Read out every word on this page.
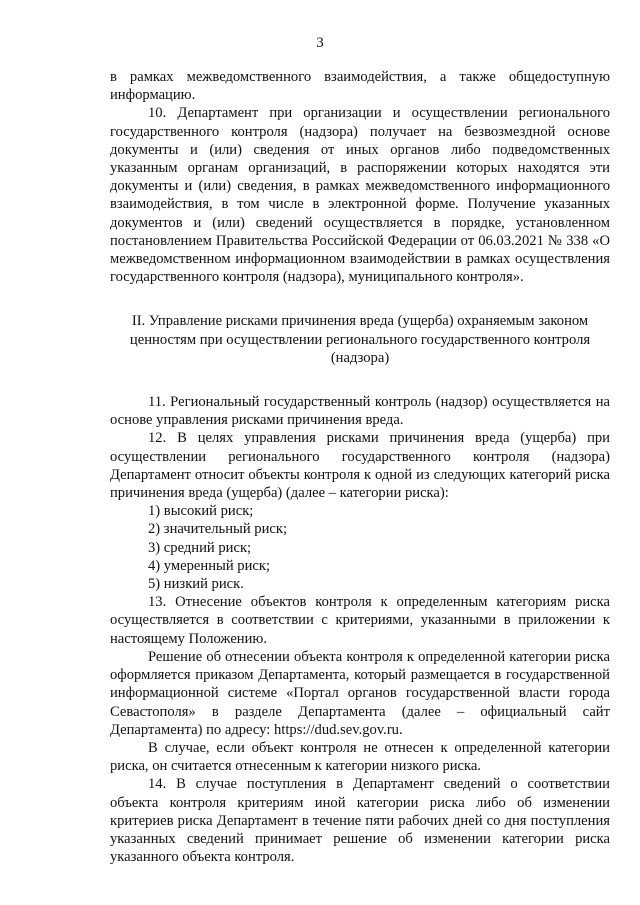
3

в рамках межведомственного взаимодействия, а также общедоступную информацию.

10. Департамент при организации и осуществлении регионального государственного контроля (надзора) получает на безвозмездной основе документы и (или) сведения от иных органов либо подведомственных указанным органам организаций, в распоряжении которых находятся эти документы и (или) сведения, в рамках межведомственного информационного взаимодействия, в том числе в электронной форме. Получение указанных документов и (или) сведений осуществляется в порядке, установленном постановлением Правительства Российской Федерации от 06.03.2021 № 338 «О межведомственном информационном взаимодействии в рамках осуществления государственного контроля (надзора), муниципального контроля».

II. Управление рисками причинения вреда (ущерба) охраняемым законом
ценностям при осуществлении регионального государственного контроля
(надзора)

11. Региональный государственный контроль (надзор) осуществляется на основе управления рисками причинения вреда.

12. В целях управления рисками причинения вреда (ущерба) при осуществлении регионального государственного контроля (надзора) Департамент относит объекты контроля к одной из следующих категорий риска причинения вреда (ущерба) (далее – категории риска):

1) высокий риск;

2) значительный риск;

3) средний риск;

4) умеренный риск;

5) низкий риск.

13. Отнесение объектов контроля к определенным категориям риска осуществляется в соответствии с критериями, указанными в приложении к настоящему Положению.

Решение об отнесении объекта контроля к определенной категории риска оформляется приказом Департамента, который размещается в государственной информационной системе «Портал органов государственной власти города Севастополя» в разделе Департамента (далее – официальный сайт Департамента) по адресу: https://dud.sev.gov.ru.

В случае, если объект контроля не отнесен к определенной категории риска, он считается отнесенным к категории низкого риска.

14. В случае поступления в Департамент сведений о соответствии объекта контроля критериям иной категории риска либо об изменении критериев риска Департамент в течение пяти рабочих дней со дня поступления указанных сведений принимает решение об изменении категории риска указанного объекта контроля.
